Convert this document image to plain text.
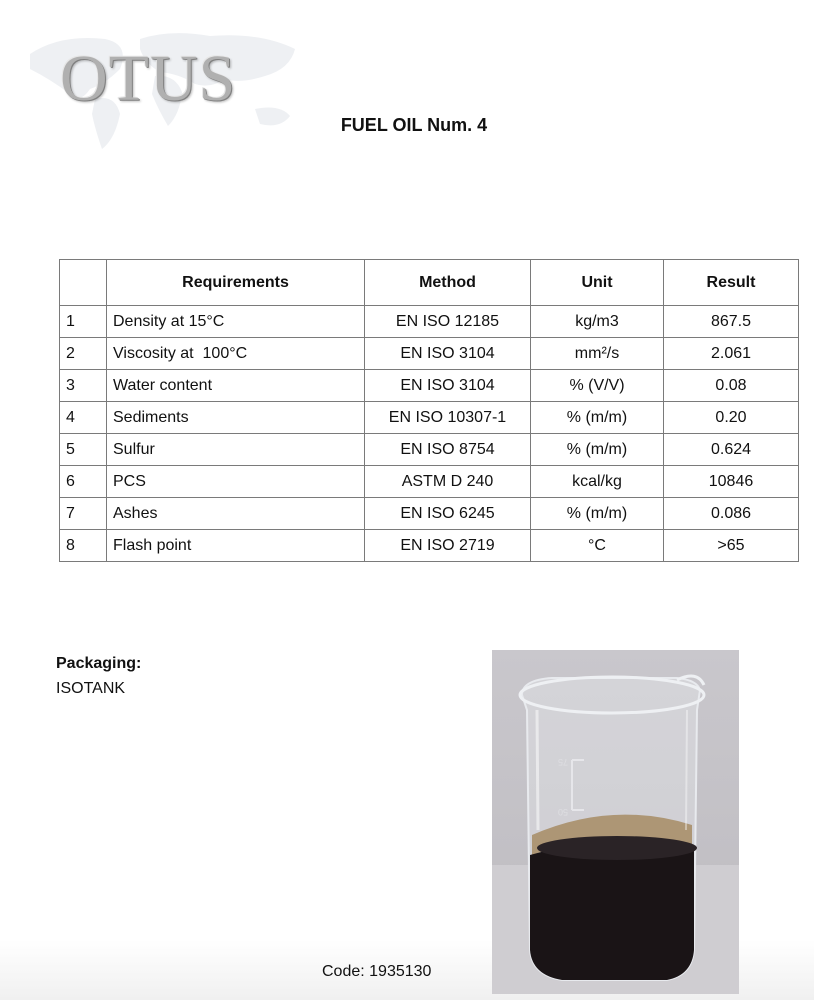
OTUS
FUEL OIL Num. 4
	Requirements	Method	Unit	Result
1	Density at 15°C	EN ISO 12185	kg/m3	867.5
2	Viscosity at  100°C	EN ISO 3104	mm²/s	2.061
3	Water content	EN ISO 3104	% (V/V)	0.08
4	Sediments	EN ISO 10307-1	% (m/m)	0.20
5	Sulfur	EN ISO 8754	% (m/m)	0.624
6	PCS	ASTM D 240	kcal/kg	10846
7	Ashes	EN ISO 6245	% (m/m)	0.086
8	Flash point	EN ISO 2719	°C	>65
Packaging:
ISOTANK
75
50
Code: 1935130
